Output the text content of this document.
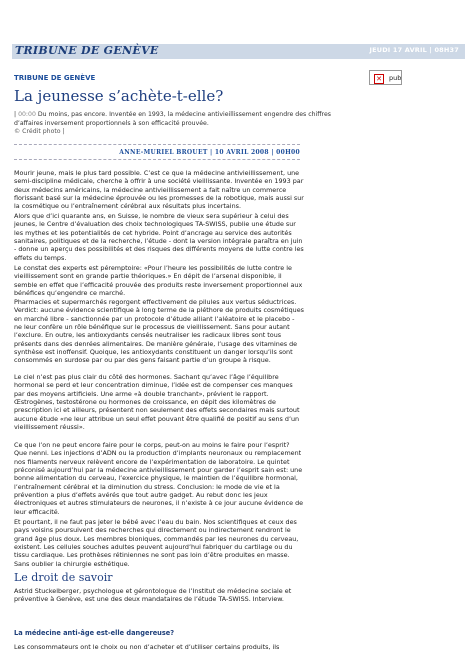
TRIBUNE DE GENÈVE	JEUDI 17 AVRIL | 08H37
TRIBUNE DE GENÈVE	✕	pub
La jeunesse s’achète-t-elle?
| 00:00 Du moins, pas encore. Inventée en 1993, la médecine antivieillissement engendre des chiffres d’affaires inversement proportionnels à son efficacité prouvée.
© Crédit photo |
ANNE-MURIEL BROUET | 10 AVRIL 2008 | 00H00

Mourir jeune, mais le plus tard possible. C’est ce que la médecine antivieillissement, une semi-discipline médicale, cherche à offrir à une société vieillissante. Inventée en 1993 par deux médecins américains, la médecine antivieillissement a fait naître un commerce florissant basé sur la médecine éprouvée ou les promesses de la robotique, mais aussi sur la cosmétique ou l’entraînement cérébral aux résultats plus incertains.

Alors que d’ici quarante ans, en Suisse, le nombre de vieux sera supérieur à celui des jeunes, le Centre d’évaluation des choix technologiques TA-SWISS, publie une étude sur les mythes et les potentialités de cet hybride. Point d’ancrage au service des autorités sanitaires, politiques et de la recherche, l’étude - dont la version intégrale paraîtra en juin - donne un aperçu des possibilités et des risques des différents moyens de lutte contre les effets du temps.

Le constat des experts est péremptoire: «Pour l’heure les possibilités de lutte contre le vieillissement sont en grande partie théoriques.» En dépit de l’arsenal disponible, il semble en effet que l’efficacité prouvée des produits reste inversement proportionnel aux bénéfices qu’engendre ce marché.

Pharmacies et supermarchés regorgent effectivement de pilules aux vertus séductrices. Verdict: aucune évidence scientifique à long terme de la pléthore de produits cosmétiques en marché libre - sanctionnée par un protocole d’étude alliant l’aléatoire et le placebo - ne leur confère un rôle bénéfique sur le processus de vieillissement. Sans pour autant l’exclure. En outre, les antioxydants censés neutraliser les radicaux libres sont tous présents dans des denrées alimentaires. De manière générale, l’usage des vitamines de synthèse est inoffensif. Quoique, les antioxydants constituent un danger lorsqu’ils sont consommés en surdose par ou par des gens faisant partie d’un groupe à risque.

Le ciel n’est pas plus clair du côté des hormones. Sachant qu’avec l’âge l’équilibre hormonal se perd et leur concentration diminue, l’idée est de compenser ces manques par des moyens artificiels. Une arme «à double tranchant», prévient le rapport. Œstrogènes, testostérone ou hormones de croissance, en dépit des kilomètres de prescription ici et ailleurs, présentent non seulement des effets secondaires mais surtout aucune étude «ne leur attribue un seul effet pouvant être qualifié de positif au sens d’un vieillissement réussi».

Ce que l’on ne peut encore faire pour le corps, peut-on au moins le faire pour l’esprit? Que nenni. Les injections d’ADN ou la production d’implants neuronaux ou remplacement nos filaments nerveux relèvent encore de l’expérimentation de laboratoire. Le quintet préconisé aujourd’hui par la médecine antivieillissement pour garder l’esprit sain est: une bonne alimentation du cerveau, l’exercice physique, le maintien de l’équilibre hormonal, l’entraînement cérébral et la diminution du stress. Conclusion: le mode de vie et la prévention a plus d’effets avérés que tout autre gadget. Au rebut donc les jeux électroniques et autres stimulateurs de neurones, il n’existe à ce jour aucune évidence de leur efficacité.

Et pourtant, il ne faut pas jeter le bébé avec l’eau du bain. Nos scientifiques et ceux des pays voisins poursuivent des recherches qui directement ou indirectement rendront le grand âge plus doux. Les membres bioniques, commandés par les neurones du cerveau, existent. Les cellules souches adultes peuvent aujourd’hui fabriquer du cartilage ou du tissu cardiaque. Les prothèses rétiniennes ne sont pas loin d’être produites en masse. Sans oublier la chirurgie esthétique.

Le droit de savoir

Astrid Stuckelberger, psychologue et gérontologue de l’Institut de médecine sociale et préventive à Genève, est une des deux mandataires de l’étude TA-SWISS. Interview.

La médecine anti-âge est-elle dangereuse?

Les consommateurs ont le choix ou non d’acheter et d’utiliser certains produits, ils
